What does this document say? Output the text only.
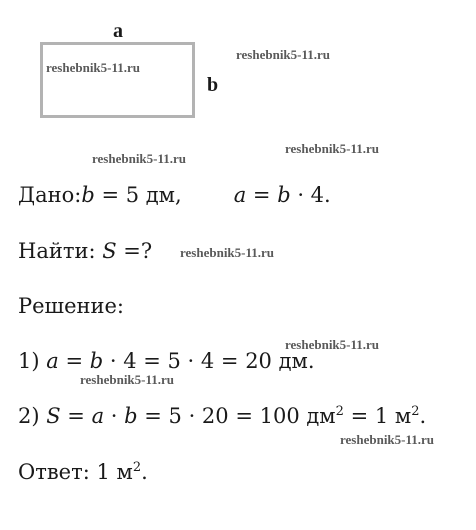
a
b
reshebnik5-11.ru
reshebnik5-11.ru
reshebnik5-11.ru
reshebnik5-11.ru
reshebnik5-11.ru
reshebnik5-11.ru
reshebnik5-11.ru
reshebnik5-11.ru
Дано:b = 5 дм, a = b · 4.
Найти: S =?
Решение:
1) a = b · 4 = 5 · 4 = 20 дм.
2) S = a · b = 5 · 20 = 100 $дм^2 = 1$ $м^2$.
Ответ: 1 $м^2$.
